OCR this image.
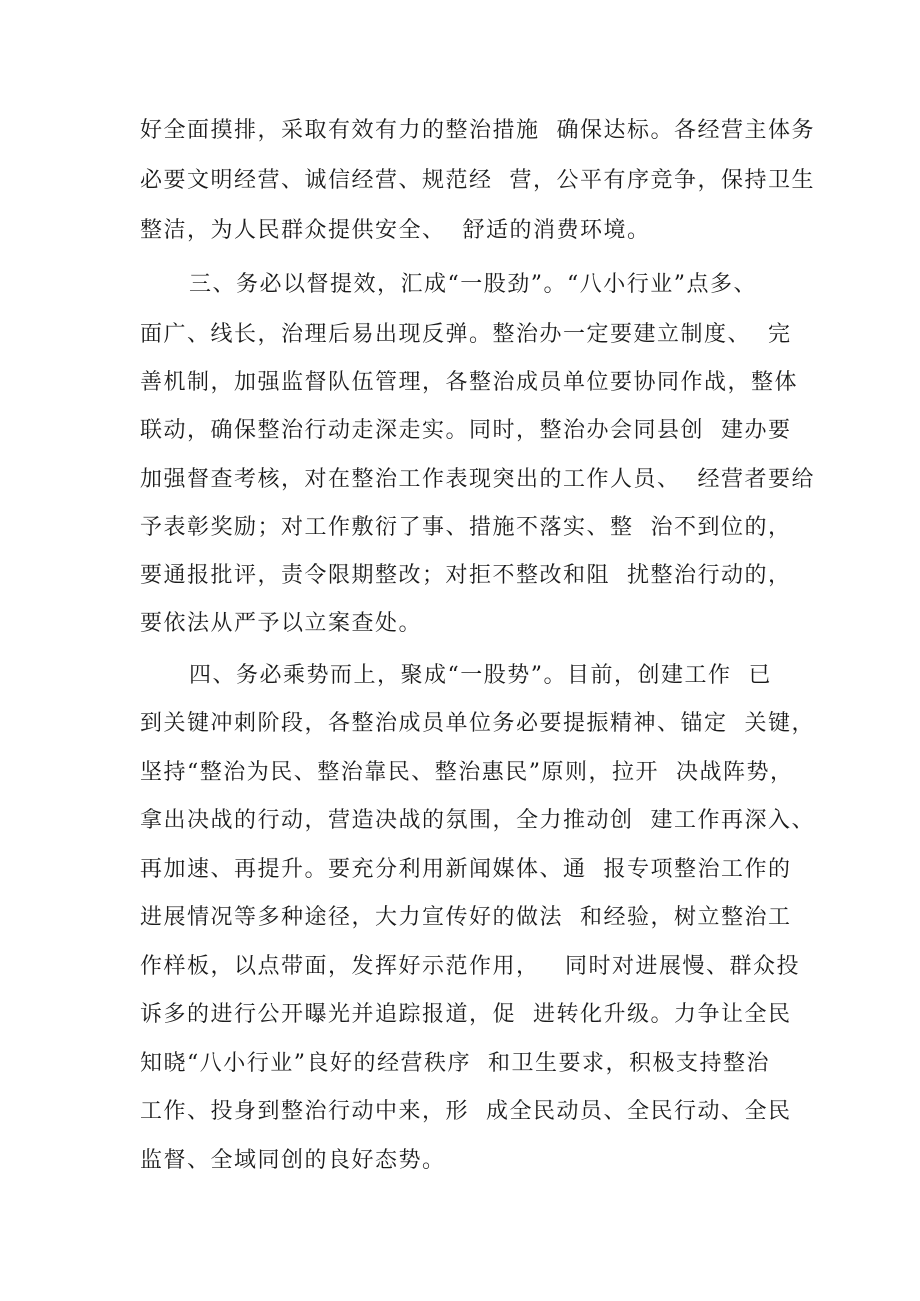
好全面摸排，采取有效有力的整治措施  确保达标。各经营主体务
必要文明经营、诚信经营、规范经  营，公平有序竞争，保持卫生
整洁，为人民群众提供安全、  舒适的消费环境。
三、务必以督提效，汇成“一股劲”。“八小行业”点多、
面广、线长，治理后易出现反弹。整治办一定要建立制度、  完
善机制，加强监督队伍管理，各整治成员单位要协同作战，整体
联动，确保整治行动走深走实。同时，整治办会同县创  建办要
加强督查考核，对在整治工作表现突出的工作人员、  经营者要给
予表彰奖励；对工作敷衍了事、措施不落实、整  治不到位的，
要通报批评，责令限期整改；对拒不整改和阻  扰整治行动的，
要依法从严予以立案查处。
四、务必乘势而上，聚成“一股势”。目前，创建工作  已
到关键冲刺阶段，各整治成员单位务必要提振精神、锚定  关键，
坚持“整治为民、整治靠民、整治惠民”原则，拉开  决战阵势，
拿出决战的行动，营造决战的氛围，全力推动创  建工作再深入、
再加速、再提升。要充分利用新闻媒体、通  报专项整治工作的
进展情况等多种途径，大力宣传好的做法  和经验，树立整治工
作样板，以点带面，发挥好示范作用，   同时对进展慢、群众投
诉多的进行公开曝光并追踪报道，促  进转化升级。力争让全民
知晓“八小行业”良好的经营秩序  和卫生要求，积极支持整治
工作、投身到整治行动中来，形  成全民动员、全民行动、全民
监督、全域同创的良好态势。
